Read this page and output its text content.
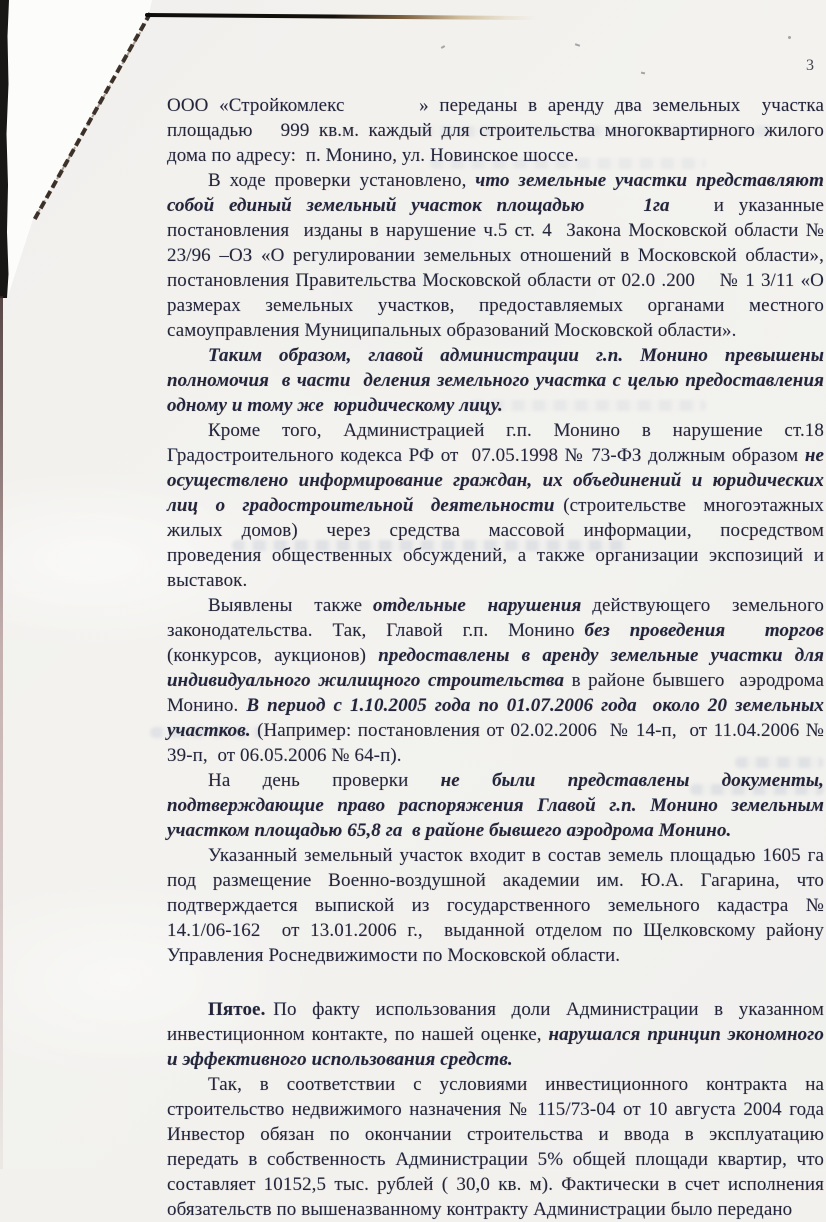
3

ООО «Стройкомлекс       » переданы в аренду два земельных  участка площадью   999 кв.м. каждый для строительства многоквартирного жилого дома по адресу:  п. Монино, ул. Новинское шоссе.

В ходе проверки установлено, что земельные участки представляют собой единый земельный участок площадью    1га   и указанные постановления  изданы в нарушение ч.5 ст. 4  Закона Московской области № 23/96 –ОЗ «О регулировании земельных отношений в Московской области», постановления Правительства Московской области от 02.0 .200    № 1 3/11 «О размерах земельных участков, предоставляемых органами местного самоуправления Муниципальных образований Московской области».

Таким  образом,  главой  администрации  г.п.  Монино  превышены полномочия  в части  деления земельного участка с целью предоставления одному и тому же  юридическому лицу.

Кроме  того,  Администрацией  г.п.  Монино  в  нарушение  ст.18 Градостроительного кодекса РФ от  07.05.1998 № 73-ФЗ должным образом не осуществлено информирование граждан, их объединений и юридических лиц  о  градостроительной  деятельности (строительстве  многоэтажных жилых  домов)   через  средства   массовой  информации,   посредством проведения общественных обсуждений, а также организации экспозиций и выставок.

Выявлены  также отдельные  нарушения действующего  земельного законодательства.  Так,  Главой  г.п.  Монино без  проведения    торгов (конкурсов, аукционов) предоставлены в аренду земельные участки для индивидуального жилищного строительства в районе бывшего  аэродрома Монино. В период с 1.10.2005 года по 01.07.2006 года  около 20 земельных участков. (Например: постановления от 02.02.2006  № 14-п,  от 11.04.2006 № 39-п,  от 06.05.2006 № 64-п).

На    день    проверки    не    были    представлены    документы, подтверждающие  право  распоряжения  Главой  г.п.  Монино  земельным участком площадью 65,8 га  в районе бывшего аэродрома Монино.

Указанный земельный участок входит в состав земель площадью 1605 га под  размещение  Военно-воздушной  академии  им.  Ю.А.  Гагарина,  что подтверждается  выпиской  из  государственного  земельного  кадастра  № 14.1/06-162  от 13.01.2006 г.,  выданной отделом по Щелковскому району Управления Роснедвижимости по Московской области.

Пятое. По  факту  использования  доли  Администрации  в  указанном инвестиционном контакте, по нашей оценке, нарушался принцип экономного и эффективного использования средств.

Так,  в  соответствии  с  условиями  инвестиционного  контракта  на строительство недвижимого назначения № 115/73-04 от 10 августа 2004 года Инвестор  обязан  по  окончании  строительства  и  ввода  в  эксплуатацию передать в собственность Администрации 5% общей площади квартир, что составляет 10152,5 тыс. рублей ( 30,0 кв. м). Фактически в счет исполнения обязательств по вышеназванному контракту Администрации было передано
